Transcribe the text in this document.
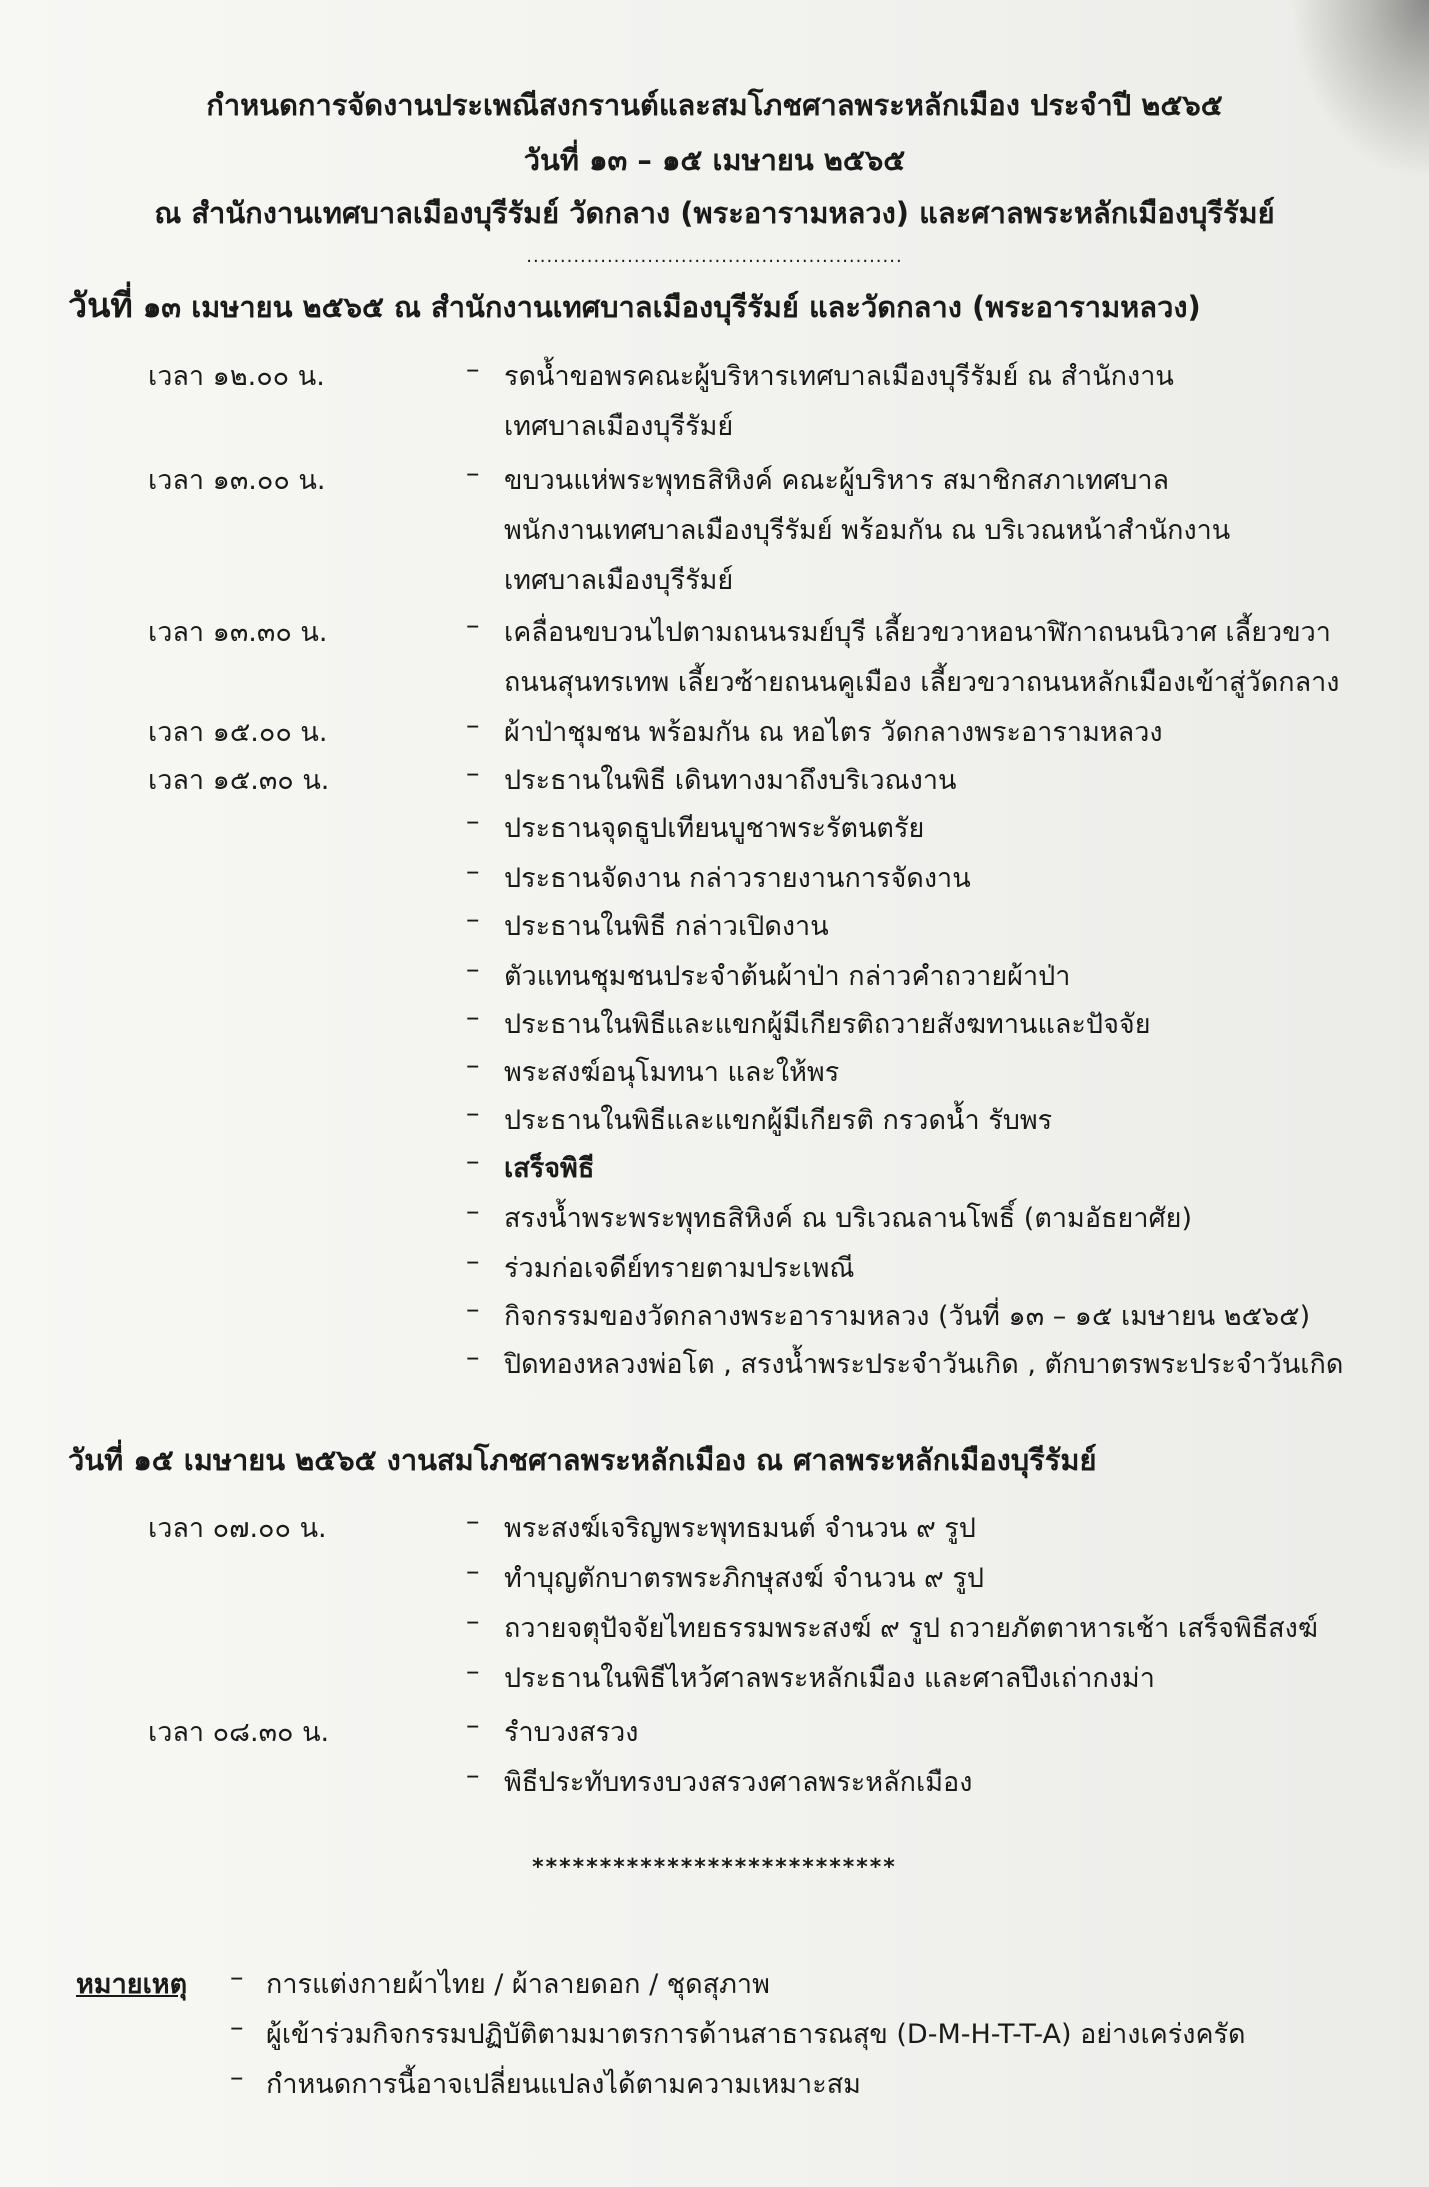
กำหนดการจัดงานประเพณีสงกรานต์และสมโภชศาลพระหลักเมือง ประจำปี ๒๕๖๕
วันที่ ๑๓ – ๑๕ เมษายน ๒๕๖๕
ณ สำนักงานเทศบาลเมืองบุรีรัมย์ วัดกลาง (พระอารามหลวง) และศาลพระหลักเมืองบุรีรัมย์
........................................................
วันที่ ๑๓ เมษายน ๒๕๖๕ ณ สำนักงานเทศบาลเมืองบุรีรัมย์ และวัดกลาง (พระอารามหลวง)
เวลา ๑๒.๐๐ น.	– รดน้ำขอพรคณะผู้บริหารเทศบาลเมืองบุรีรัมย์ ณ สำนักงาน
เทศบาลเมืองบุรีรัมย์
เวลา ๑๓.๐๐ น.	– ขบวนแห่พระพุทธสิหิงค์ คณะผู้บริหาร สมาชิกสภาเทศบาล
พนักงานเทศบาลเมืองบุรีรัมย์ พร้อมกัน ณ บริเวณหน้าสำนักงาน
เทศบาลเมืองบุรีรัมย์
เวลา ๑๓.๓๐ น.	– เคลื่อนขบวนไปตามถนนรมย์บุรี เลี้ยวขวาหอนาฬิกาถนนนิวาศ เลี้ยวขวา
ถนนสุนทรเทพ เลี้ยวซ้ายถนนคูเมือง เลี้ยวขวาถนนหลักเมืองเข้าสู่วัดกลาง
เวลา ๑๕.๐๐ น.	– ผ้าป่าชุมชน พร้อมกัน ณ หอไตร วัดกลางพระอารามหลวง
เวลา ๑๕.๓๐ น.	– ประธานในพิธี เดินทางมาถึงบริเวณงาน
– ประธานจุดธูปเทียนบูชาพระรัตนตรัย
– ประธานจัดงาน กล่าวรายงานการจัดงาน
– ประธานในพิธี กล่าวเปิดงาน
– ตัวแทนชุมชนประจำต้นผ้าป่า กล่าวคำถวายผ้าป่า
– ประธานในพิธีและแขกผู้มีเกียรติถวายสังฆทานและปัจจัย
– พระสงฆ์อนุโมทนา และให้พร
– ประธานในพิธีและแขกผู้มีเกียรติ กรวดน้ำ รับพร
– เสร็จพิธี
– สรงน้ำพระพระพุทธสิหิงค์ ณ บริเวณลานโพธิ์ (ตามอัธยาศัย)
– ร่วมก่อเจดีย์ทรายตามประเพณี
– กิจกรรมของวัดกลางพระอารามหลวง (วันที่ ๑๓ – ๑๕ เมษายน ๒๕๖๕)
– ปิดทองหลวงพ่อโต , สรงน้ำพระประจำวันเกิด , ตักบาตรพระประจำวันเกิด
วันที่ ๑๕ เมษายน ๒๕๖๕ งานสมโภชศาลพระหลักเมือง ณ ศาลพระหลักเมืองบุรีรัมย์
เวลา ๐๗.๐๐ น.	– พระสงฆ์เจริญพระพุทธมนต์ จำนวน ๙ รูป
– ทำบุญตักบาตรพระภิกษุสงฆ์ จำนวน ๙ รูป
– ถวายจตุปัจจัยไทยธรรมพระสงฆ์ ๙ รูป ถวายภัตตาหารเช้า เสร็จพิธีสงฆ์
– ประธานในพิธีไหว้ศาลพระหลักเมือง และศาลปึงเถ่ากงม่า
เวลา ๐๘.๓๐ น.	– รำบวงสรวง
– พิธีประทับทรงบวงสรวงศาลพระหลักเมือง
***************************
หมายเหตุ – การแต่งกายผ้าไทย / ผ้าลายดอก / ชุดสุภาพ
– ผู้เข้าร่วมกิจกรรมปฏิบัติตามมาตรการด้านสาธารณสุข (D-M-H-T-T-A) อย่างเคร่งครัด
– กำหนดการนี้อาจเปลี่ยนแปลงได้ตามความเหมาะสม
